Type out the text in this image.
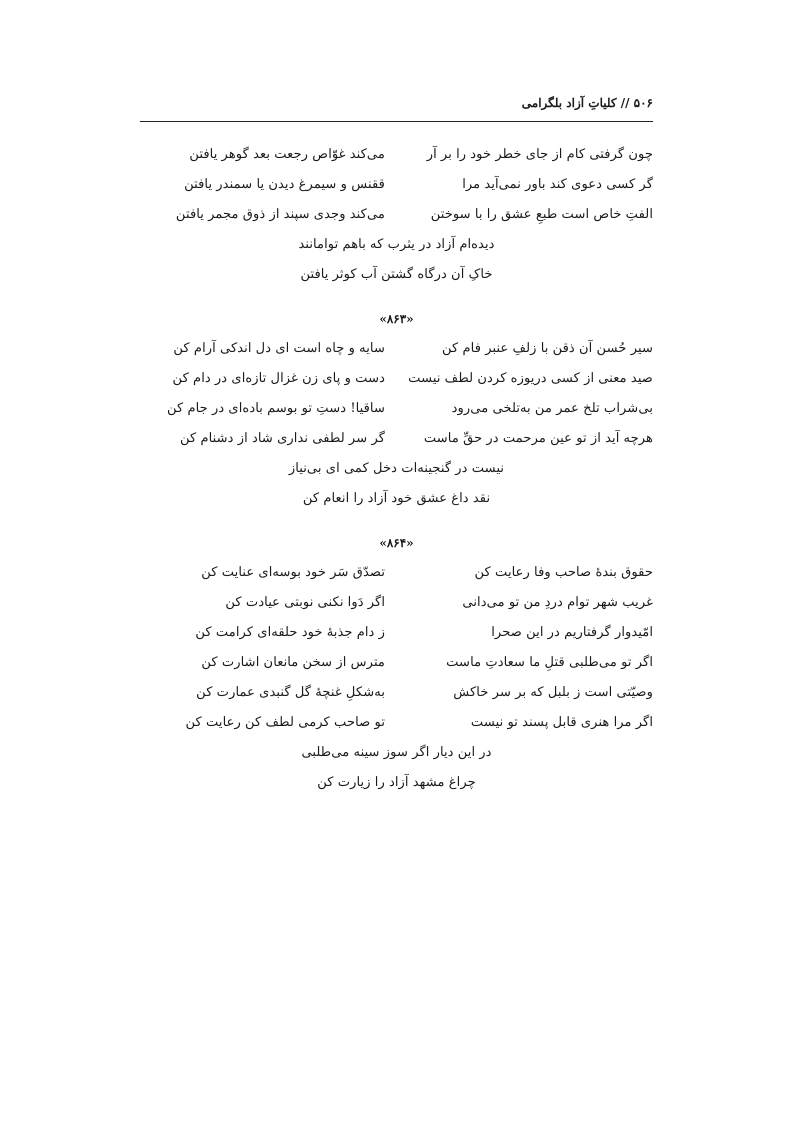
۵۰۶ // کلیاتِ آزاد بلگرامی
چون گرفتی کام از جای خطر خود را بر آر
می‌کند غوّاص رجعت بعد گوهر یافتن
گر کسی دعوی کند باور نمی‌آید مرا
ققنس و سیمرغ دیدن یا سمندر یافتن
الفتِ خاص است طبعِ عشق را با سوختن
می‌کند وجدی سپند از ذوق مجمر یافتن
دیده‌ام آزاد در یثرب که باهم توامانند
خاکِ آن درگاه گشتن آب کوثر یافتن
«۸۶۳»
سیر حُسن آن ذقن با زلفِ عنبر فام کن
سایه و چاه است ای دل اندکی آرام کن
صید معنی از کسی دریوزه کردن لطف نیست
دست و پای زن غزال تازه‌ای در دام کن
بی‌شراب تلخ عمر من به‌تلخی می‌رود
ساقیا! دستِ تو بوسم باده‌ای در جام کن
هرچه آید از تو عین مرحمت در حقِّ ماست
گر سر لطفی نداری شاد از دشنام کن
نیست در گنجینه‌ات دخل کمی ای بی‌نیاز
نقد داغ عشق خود آزاد را انعام کن
«۸۶۴»
حقوق بندهٔ صاحب وفا رعایت کن
تصدّق سَر خود بوسه‌ای عنایت کن
غریب شهر توام دردِ من تو می‌دانی
اگر دَوا نکنی نوبتی عیادت کن
امّیدوار گرفتاریم در این صحرا
ز دام جذبهٔ خود حلقه‌ای کرامت کن
اگر تو می‌طلبی قتلِ ما سعادتِ ماست
مترس از سخن مانعان اشارت کن
وصیّتی است ز بلبل که بر سر خاکش
به‌شکلِ غنچهٔ گل گنبدی عمارت کن
اگر مرا هنری قابل پسند تو نیست
تو صاحب کرمی لطف کن رعایت کن
در این دیار اگر سوز سینه می‌طلبی
چراغ مشهد آزاد را زیارت کن
